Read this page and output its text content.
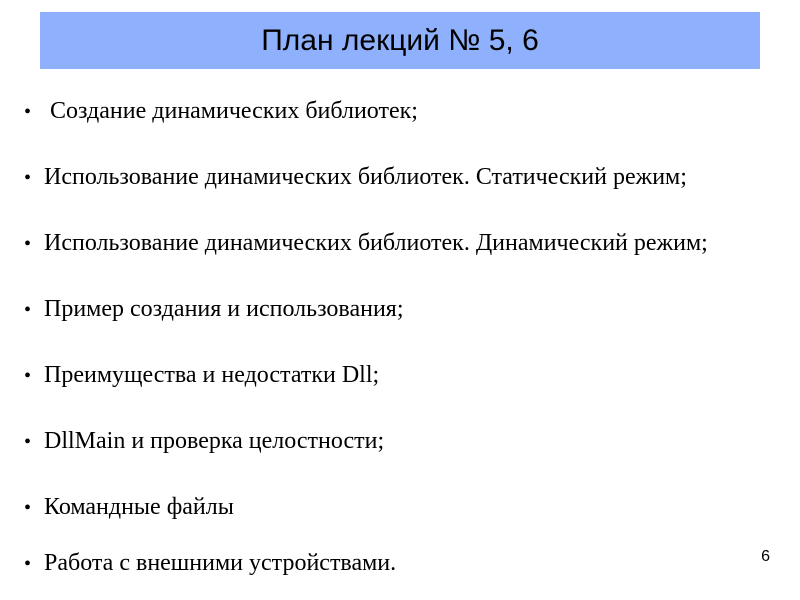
План лекций № 5, 6
• Создание динамических библиотек;
• Использование динамических библиотек. Статический режим;
• Использование динамических библиотек. Динамический режим;
• Пример создания и использования;
• Преимущества и недостатки Dll;
• DllMain и проверка целостности;
• Командные файлы
• Работа с внешними устройствами.	6
